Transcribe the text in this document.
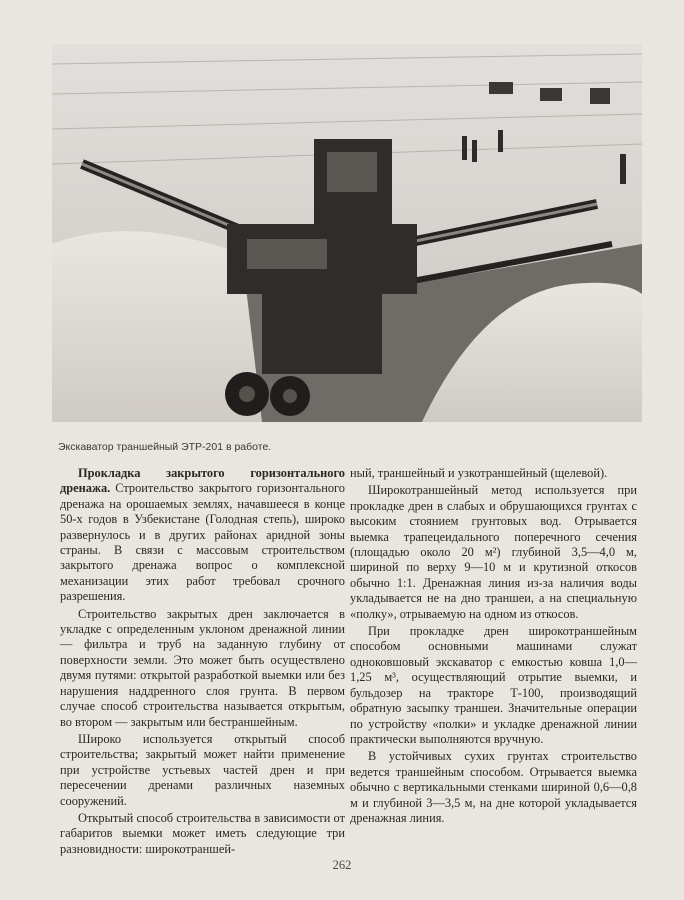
Экскаватор траншейный ЭТР-201 в работе.

Прокладка закрытого горизонтального дренажа. Строительство закрытого горизонтального дренажа на орошаемых землях, начавшееся в конце 50-х годов в Узбекистане (Голодная степь), широко развернулось и в других районах аридной зоны страны. В связи с массовым строительством закрытого дренажа вопрос о комплексной механизации этих работ требовал срочного разрешения.

Строительство закрытых дрен заключается в укладке с определенным уклоном дренажной линии — фильтра и труб на заданную глубину от поверхности земли. Это может быть осуществлено двумя путями: открытой разработкой выемки или без нарушения наддренного слоя грунта. В первом случае способ строительства называется открытым, во втором — закрытым или бестраншейным.

Широко используется открытый способ строительства; закрытый может найти применение при устройстве устьевых частей дрен и при пересечении дренами различных наземных сооружений.

Открытый способ строительства в зависимости от габаритов выемки может иметь следующие три разновидности: широкотраншей-

ный, траншейный и узкотраншейный (щелевой).

Широкотраншейный метод используется при прокладке дрен в слабых и обрушающихся грунтах с высоким стоянием грунтовых вод. Отрывается выемка трапецеидального поперечного сечения (площадью около 20 м²) глубиной 3,5—4,0 м, шириной по верху 9—10 м и крутизной откосов обычно 1:1. Дренажная линия из-за наличия воды укладывается не на дно траншеи, а на специальную «полку», отрываемую на одном из откосов.

При прокладке дрен широкотраншейным способом основными машинами служат одноковшовый экскаватор с емкостью ковша 1,0—1,25 м³, осуществляющий отрытие выемки, и бульдозер на тракторе Т-100, производящий обратную засыпку траншеи. Значительные операции по устройству «полки» и укладке дренажной линии практически выполняются вручную.

В устойчивых сухих грунтах строительство ведется траншейным способом. Отрывается выемка обычно с вертикальными стенками шириной 0,6—0,8 м и глубиной 3—3,5 м, на дне которой укладывается дренажная линия.

262
